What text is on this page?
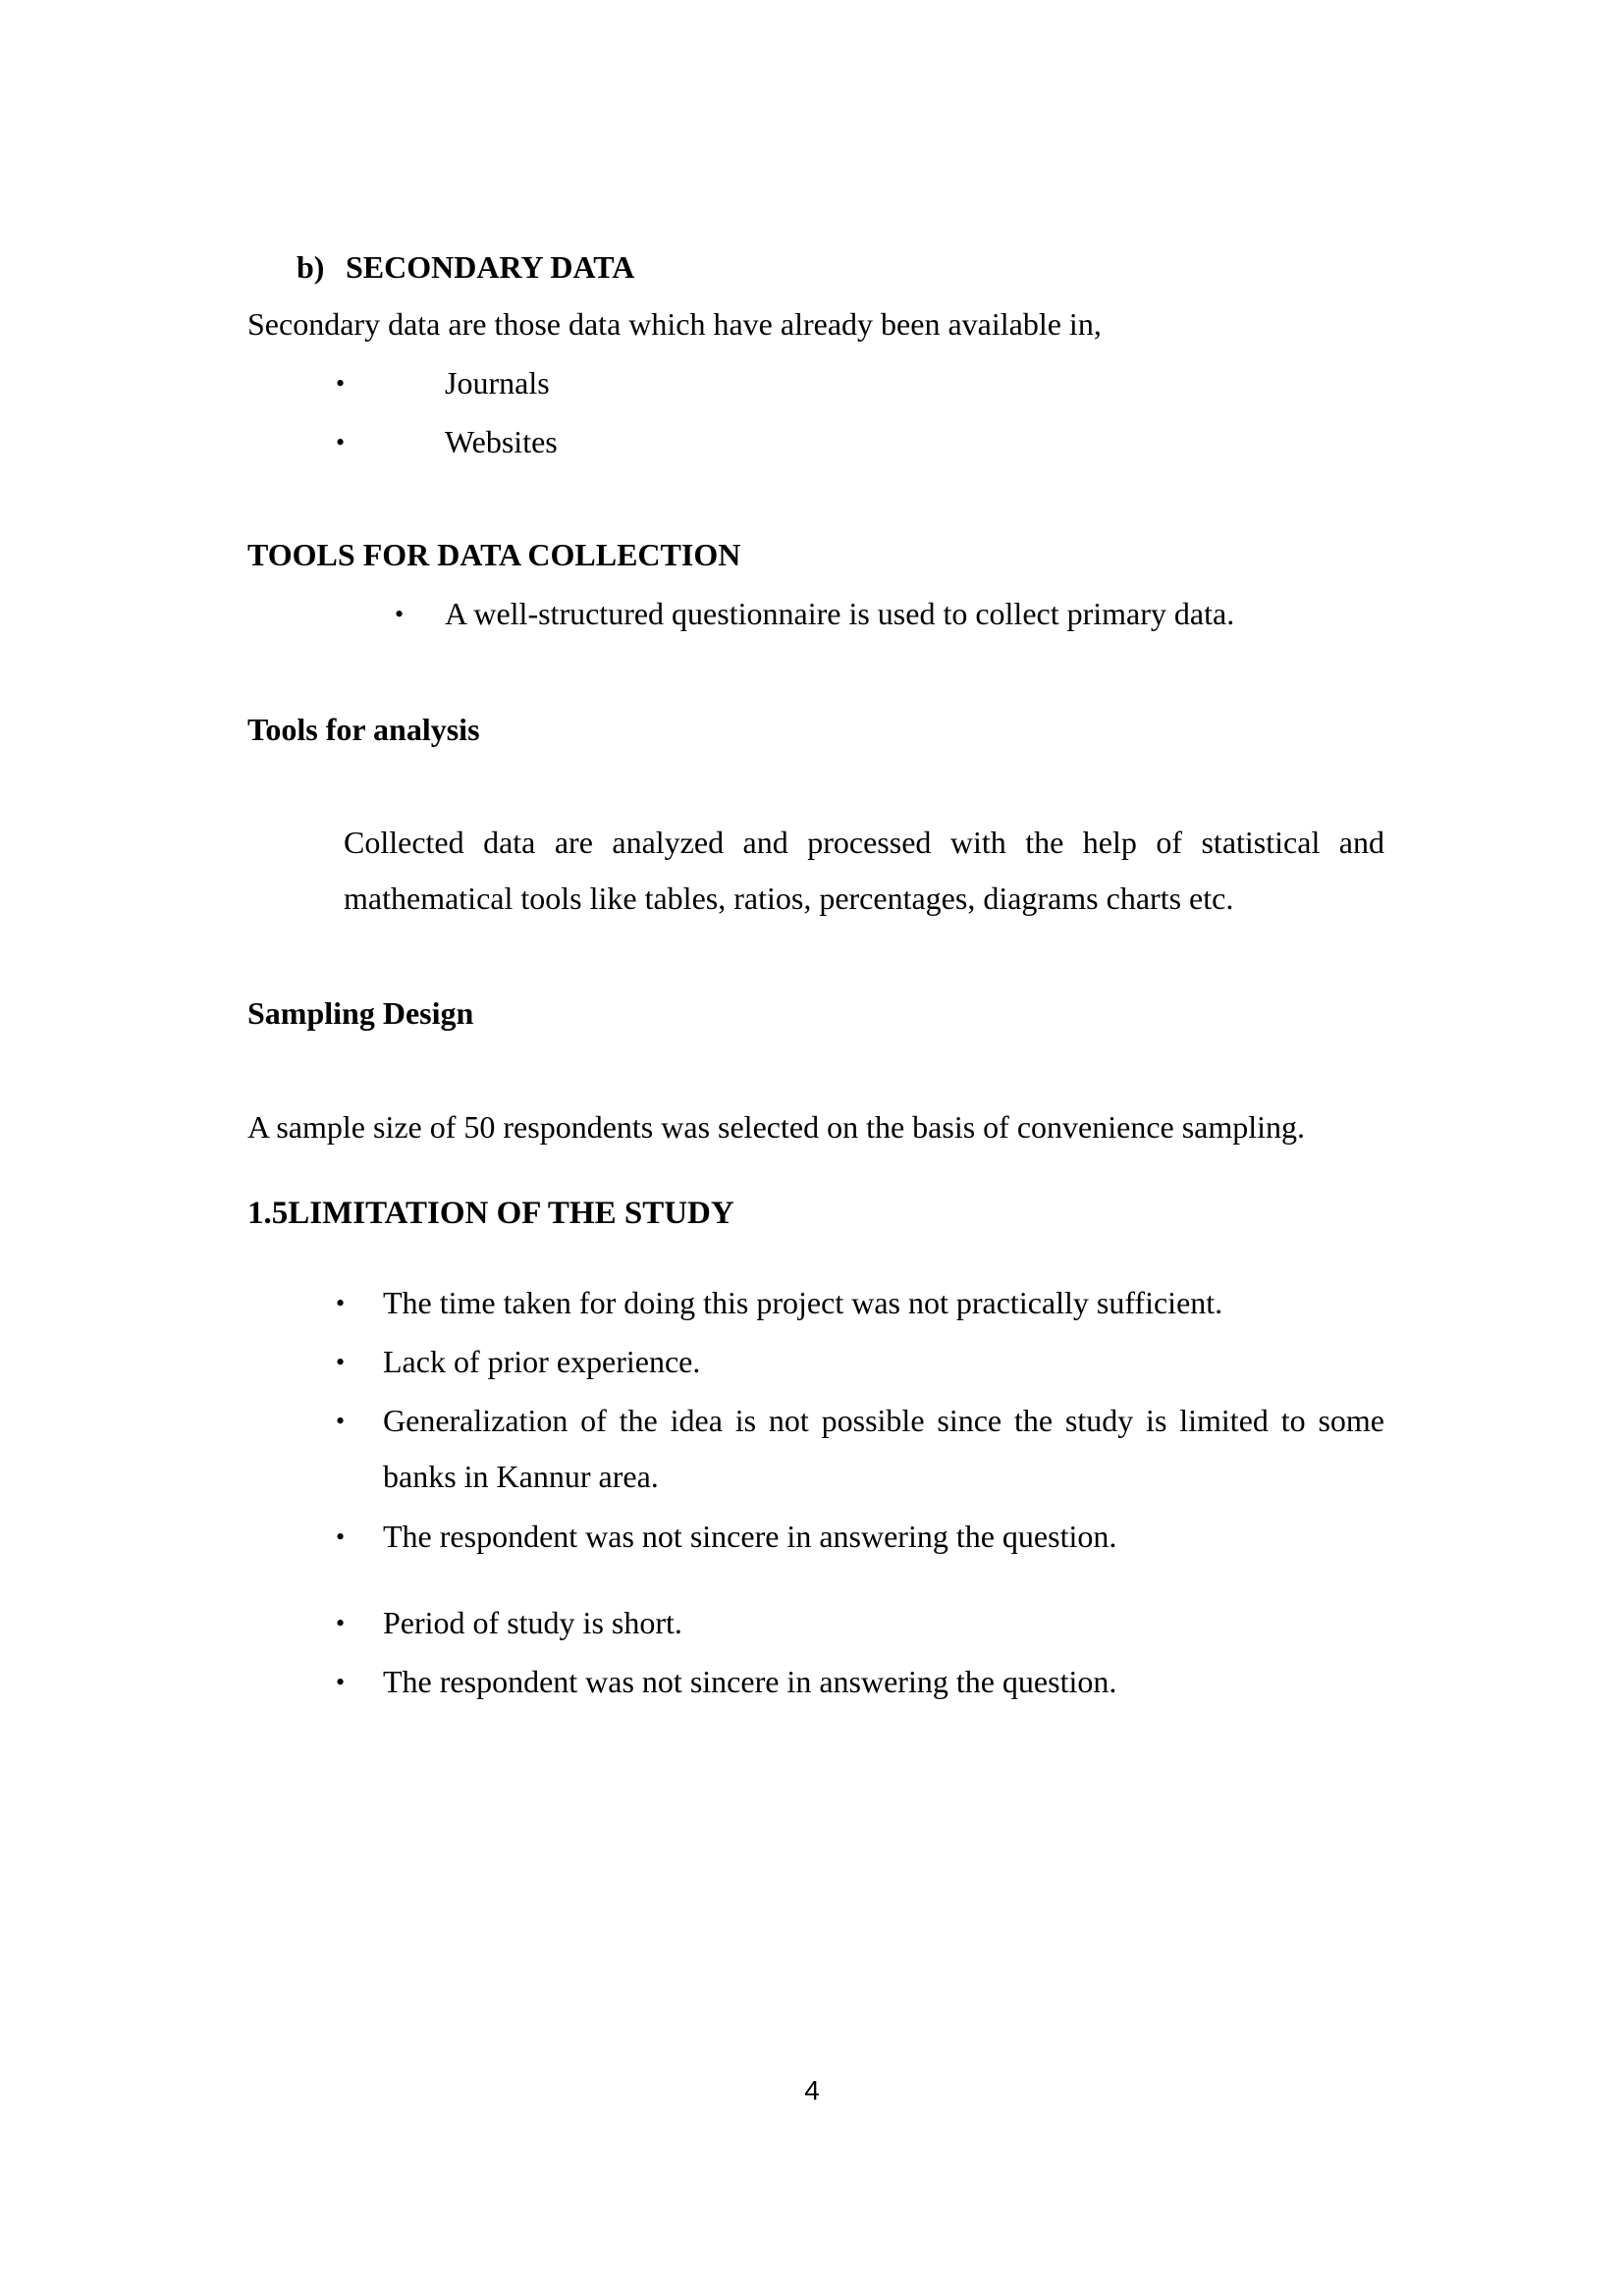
b) SECONDARY DATA
Secondary data are those data which have already been available in,
•	Journals
•	Websites
TOOLS FOR DATA COLLECTION
• A well-structured questionnaire is used to collect primary data.
Tools for analysis
Collected data are analyzed and processed with the help of statistical and
mathematical tools like tables, ratios, percentages, diagrams charts etc.
Sampling Design
A sample size of 50 respondents was selected on the basis of convenience sampling.
1.5LIMITATION OF THE STUDY
• The time taken for doing this project was not practically sufficient.
• Lack of prior experience.
• Generalization of the idea is not possible since the study is limited to some
banks in Kannur area.
• The respondent was not sincere in answering the question.
• Period of study is short.
• The respondent was not sincere in answering the question.
4
